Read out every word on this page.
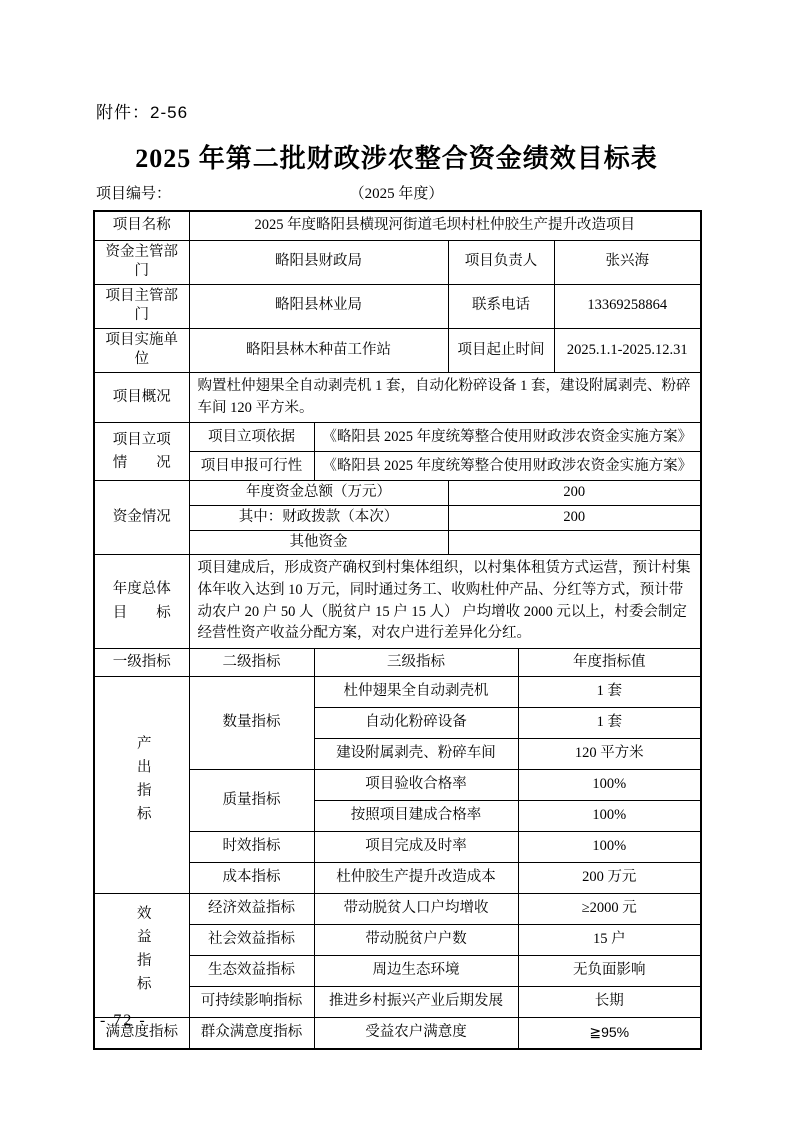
附件：2-56
2025 年第二批财政涉农整合资金绩效目标表
项目编号：	（2025 年度）
项目名称	2025 年度略阳县横现河街道毛坝村杜仲胶生产提升改造项目				
资金主管部门	略阳县财政局		项目负责人		张兴海
项目主管部门	略阳县林业局		联系电话		13369258864
项目实施单位	略阳县林木种苗工作站		项目起止时间		2025.1.1-2025.12.31
项目概况	购置杜仲翅果全自动剥壳机 1 套，自动化粉碎设备 1 套，建设附属剥壳、粉碎车间 120 平方米。				

项目立项
情　　况	项目立项依据	《略阳县 2025 年度统筹整合使用财政涉农资金实施方案》			
	项目申报可行性	《略阳县 2025 年度统筹整合使用财政涉农资金实施方案》			
资金情况	年度资金总额（万元）		200		
	其中：财政拨款（本次）		200		
	其他资金				

年度总体
目　　标	项目建成后，形成资产确权到村集体组织，以村集体租赁方式运营，预计村集体年收入达到 10 万元，同时通过务工、收购杜仲产品、分红等方式，预计带动农户 20 户 50 人（脱贫户 15 户 15 人） 户均增收 2000 元以上，村委会制定经营性资产收益分配方案，对农户进行差异化分红。				
一级指标	二级指标	三级指标		年度指标值	
产出指标	数量指标	杜仲翅果全自动剥壳机		1 套	
		自动化粉碎设备		1 套	
		建设附属剥壳、粉碎车间		120 平方米	
	质量指标	项目验收合格率		100%	
		按照项目建成合格率		100%	
	时效指标	项目完成及时率		100%	
	成本指标	杜仲胶生产提升改造成本		200 万元	
效益指标	经济效益指标	带动脱贫人口户均增收		≥2000 元	
	社会效益指标	带动脱贫户户数		15 户	
	生态效益指标	周边生态环境		无负面影响	
	可持续影响指标	推进乡村振兴产业后期发展		长期	
满意度指标	群众满意度指标	受益农户满意度		≧95%	
- 72 -
